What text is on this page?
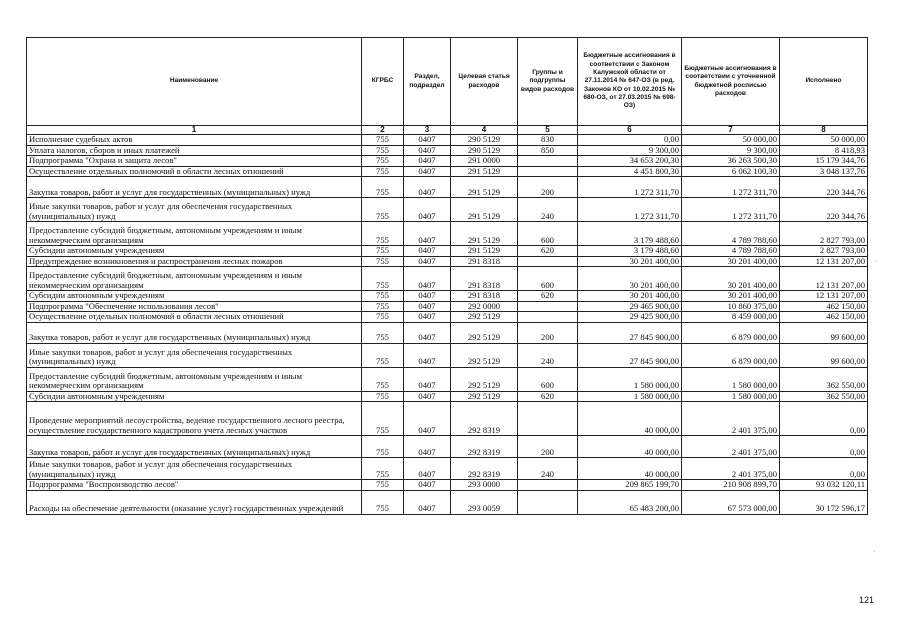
Наименование	КГРБС	Раздел, подраздел	Целевая статья расходов	Группы и подгруппы видов расходов	Бюджетные ассигнования в соответствии с Законом Калужской области от 27.11.2014 № 647-ОЗ (в ред. Законов КО от 10.02.2015 № 680-ОЗ, от 27.03.2015 № 698-ОЗ)	Бюджетные ассигнования в соответствии с уточненной бюджетной росписью расходов	Исполнено
1	2	3	4	5	6	7	8
Исполнение судебных актов	755	0407	290 5129	830	0,00	50 000,00	50 000,00
Уплата налогов, сборов и иных платежей	755	0407	290 5129	850	9 300,00	9 300,00	8 418,93
Подпрограмма "Охрана и защита лесов"	755	0407	291 0000		34 653 200,30	36 263 500,30	15 179 344,76
Осуществление отдельных полномочий в области лесных отношений	755	0407	291 5129		4 451 800,30	6 062 100,30	3 048 137,76
Закупка товаров, работ и услуг для государственных (муниципальных) нужд	755	0407	291 5129	200	1 272 311,70	1 272 311,70	220 344,76
Иные закупки товаров, работ и услуг для обеспечения государственных (муниципальных) нужд	755	0407	291 5129	240	1 272 311,70	1 272 311,70	220 344,76
Предоставление субсидий бюджетным, автономным учреждениям и иным некоммерческим организациям	755	0407	291 5129	600	3 179 488,60	4 789 788,60	2 827 793,00
Субсидии автономным учреждениям	755	0407	291 5129	620	3 179 488,60	4 789 788,60	2 827 793,00
Предупреждение возникновения и распространения лесных пожаров	755	0407	291 8318		30 201 400,00	30 201 400,00	12 131 207,00
Предоставление субсидий бюджетным, автономным учреждениям и иным некоммерческим организациям	755	0407	291 8318	600	30 201 400,00	30 201 400,00	12 131 207,00
Субсидии автономным учреждениям	755	0407	291 8318	620	30 201 400,00	30 201 400,00	12 131 207,00
Подпрограмма "Обеспечение использования лесов"	755	0407	292 0000		29 465 900,00	10 860 375,00	462 150,00
Осуществление отдельных полномочий в области лесных отношений	755	0407	292 5129		29 425 900,00	8 459 000,00	462 150,00
Закупка товаров, работ и услуг для государственных (муниципальных) нужд	755	0407	292 5129	200	27 845 900,00	6 879 000,00	99 600,00
Иные закупки товаров, работ и услуг для обеспечения государственных (муниципальных) нужд	755	0407	292 5129	240	27 845 900,00	6 879 000,00	99 600,00
Предоставление субсидий бюджетным, автономным учреждениям и иным некоммерческим организациям	755	0407	292 5129	600	1 580 000,00	1 580 000,00	362 550,00
Субсидии автономным учреждениям	755	0407	292 5129	620	1 580 000,00	1 580 000,00	362 550,00
Проведение мероприятий лесоустройства, ведение государственного лесного реестра, осуществление государственного кадастрового учета лесных участков	755	0407	292 8319		40 000,00	2 401 375,00	0,00
Закупка товаров, работ и услуг для государственных (муниципальных) нужд	755	0407	292 8319	200	40 000,00	2 401 375,00	0,00
Иные закупки товаров, работ и услуг для обеспечения государственных (муниципальных) нужд	755	0407	292 8319	240	40 000,00	2 401 375,00	0,00
Подпрограмма "Воспроизводство лесов"	755	0407	293 0000		209 865 199,70	210 908 899,70	93 032 120,11
Расходы на обеспечение деятельности (оказание услуг) государственных учреждений	755	0407	293 0059		65 483 200,00	67 573 000,00	30 172 596,17
·
·
121
